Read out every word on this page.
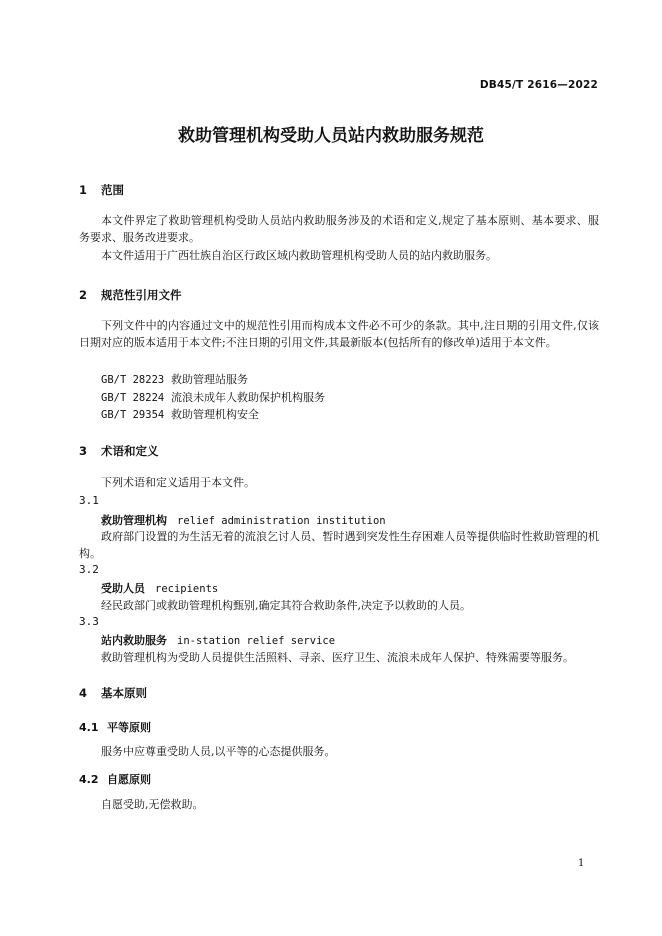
DB45/T 2616—2022
救助管理机构受助人员站内救助服务规范
1 范围
本文件界定了救助管理机构受助人员站内救助服务涉及的术语和定义,规定了基本原则、基本要求、服务要求、服务改进要求。
本文件适用于广西壮族自治区行政区域内救助管理机构受助人员的站内救助服务。
2 规范性引用文件
下列文件中的内容通过文中的规范性引用而构成本文件必不可少的条款。其中,注日期的引用文件,仅该日期对应的版本适用于本文件;不注日期的引用文件,其最新版本(包括所有的修改单)适用于本文件。
GB/T 28223 救助管理站服务
GB/T 28224 流浪未成年人救助保护机构服务
GB/T 29354 救助管理机构安全
3 术语和定义
下列术语和定义适用于本文件。
3.1
救助管理机构 relief administration institution
政府部门设置的为生活无着的流浪乞讨人员、暂时遇到突发性生存困难人员等提供临时性救助管理的机构。
3.2
受助人员 recipients
经民政部门或救助管理机构甄别,确定其符合救助条件,决定予以救助的人员。
3.3
站内救助服务 in-station relief service
救助管理机构为受助人员提供生活照料、寻亲、医疗卫生、流浪未成年人保护、特殊需要等服务。
4 基本原则
4.1 平等原则
服务中应尊重受助人员,以平等的心态提供服务。
4.2 自愿原则
自愿受助,无偿救助。
1
